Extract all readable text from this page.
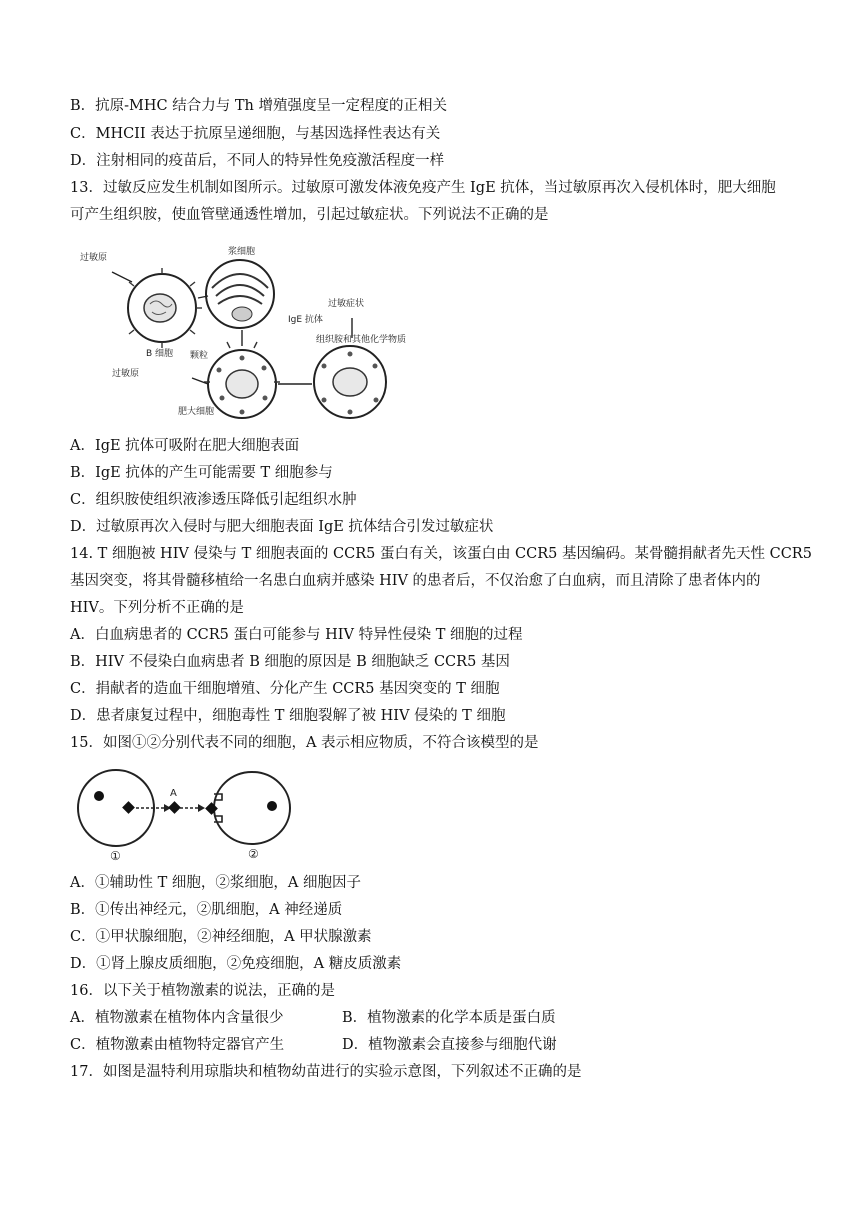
B．抗原-MHC 结合力与 Th 增殖强度呈一定程度的正相关
C．MHCII 表达于抗原呈递细胞，与基因选择性表达有关
D．注射相同的疫苗后，不同人的特异性免疫激活程度一样
13．过敏反应发生机制如图所示。过敏原可激发体液免疫产生 IgE 抗体，当过敏原再次入侵机体时，肥大细胞
可产生组织胺，使血管壁通透性增加，引起过敏症状。下列说法不正确的是
过敏原
浆细胞
IgE 抗体
过敏症状
组织胺和其他化学物质
B 细胞 颗粒
过敏原
肥大细胞
A．IgE 抗体可吸附在肥大细胞表面
B．IgE 抗体的产生可能需要 T 细胞参与
C．组织胺使组织液渗透压降低引起组织水肿
D．过敏原再次入侵时与肥大细胞表面 IgE 抗体结合引发过敏症状
14. T 细胞被 HIV 侵染与 T 细胞表面的 CCR5 蛋白有关，该蛋白由 CCR5 基因编码。某骨髓捐献者先天性 CCR5
基因突变，将其骨髓移植给一名患白血病并感染 HIV 的患者后，不仅治愈了白血病，而且清除了患者体内的
HIV。下列分析不正确的是
A．白血病患者的 CCR5 蛋白可能参与 HIV 特异性侵染 T 细胞的过程
B．HIV 不侵染白血病患者 B 细胞的原因是 B 细胞缺乏 CCR5 基因
C．捐献者的造血干细胞增殖、分化产生 CCR5 基因突变的 T 细胞
D．患者康复过程中，细胞毒性 T 细胞裂解了被 HIV 侵染的 T 细胞
15．如图①②分别代表不同的细胞，A 表示相应物质，不符合该模型的是
A
①	②
A．①辅助性 T 细胞，②浆细胞，A 细胞因子
B．①传出神经元，②肌细胞，A 神经递质
C．①甲状腺细胞，②神经细胞，A 甲状腺激素
D．①肾上腺皮质细胞，②免疫细胞，A 糖皮质激素
16．以下关于植物激素的说法，正确的是
A．植物激素在植物体内含量很少	B．植物激素的化学本质是蛋白质
C．植物激素由植物特定器官产生	D．植物激素会直接参与细胞代谢
17．如图是温特利用琼脂块和植物幼苗进行的实验示意图，下列叙述不正确的是
